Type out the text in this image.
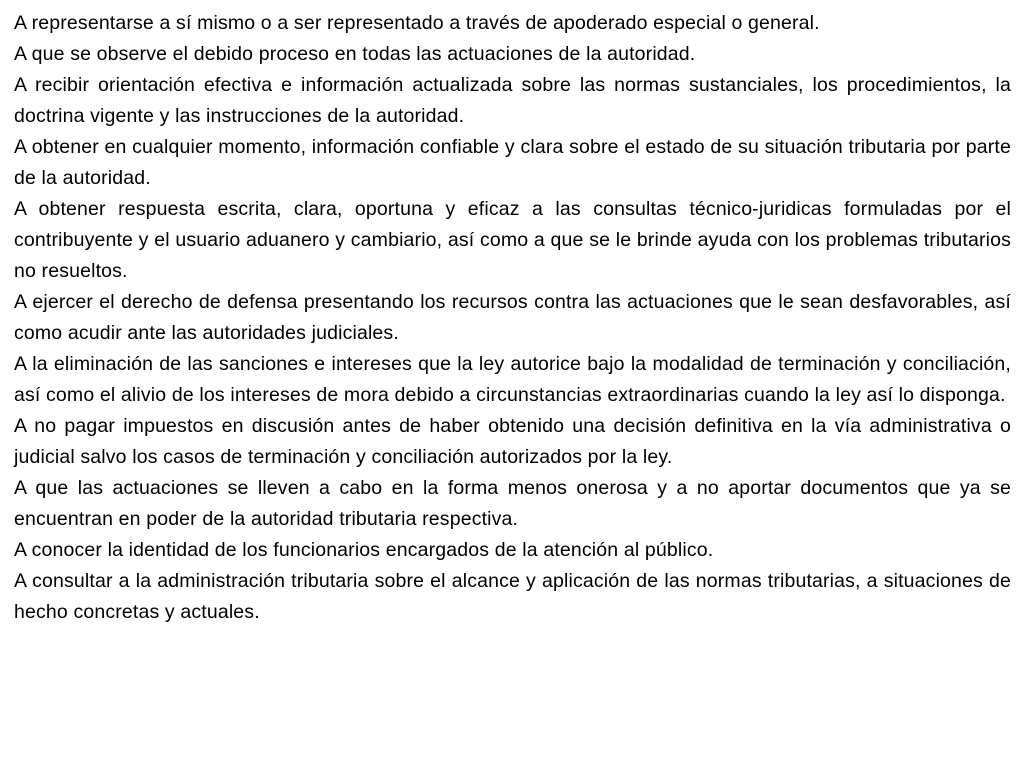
A representarse a sí mismo o a ser representado a través de apoderado especial o general.

A que se observe el debido proceso en todas las actuaciones de la autoridad.

A recibir orientación efectiva e información actualizada sobre las normas sustanciales, los procedimientos, la doctrina vigente y las instrucciones de la autoridad.

A obtener en cualquier momento, información confiable y clara sobre el estado de su situación tributaria por parte de la autoridad.

A obtener respuesta escrita, clara, oportuna y eficaz a las consultas técnico-juridicas formuladas por el contribuyente y el usuario aduanero y cambiario, así como a que se le brinde ayuda con los problemas tributarios no resueltos.

A ejercer el derecho de defensa presentando los recursos contra las actuaciones que le sean desfavorables, así como acudir ante las autoridades judiciales.

A la eliminación de las sanciones e intereses que la ley autorice bajo la modalidad de terminación y conciliación, así como el alivio de los intereses de mora debido a circunstancias extraordinarias cuando la ley así lo disponga.

A no pagar impuestos en discusión antes de haber obtenido una decisión definitiva en la vía administrativa o judicial salvo los casos de terminación y conciliación autorizados por la ley.

A que las actuaciones se lleven a cabo en la forma menos onerosa y a no aportar documentos que ya se encuentran en poder de la autoridad tributaria respectiva.

A conocer la identidad de los funcionarios encargados de la atención al público.

A consultar a la administración tributaria sobre el alcance y aplicación de las normas tributarias, a situaciones de hecho concretas y actuales.
